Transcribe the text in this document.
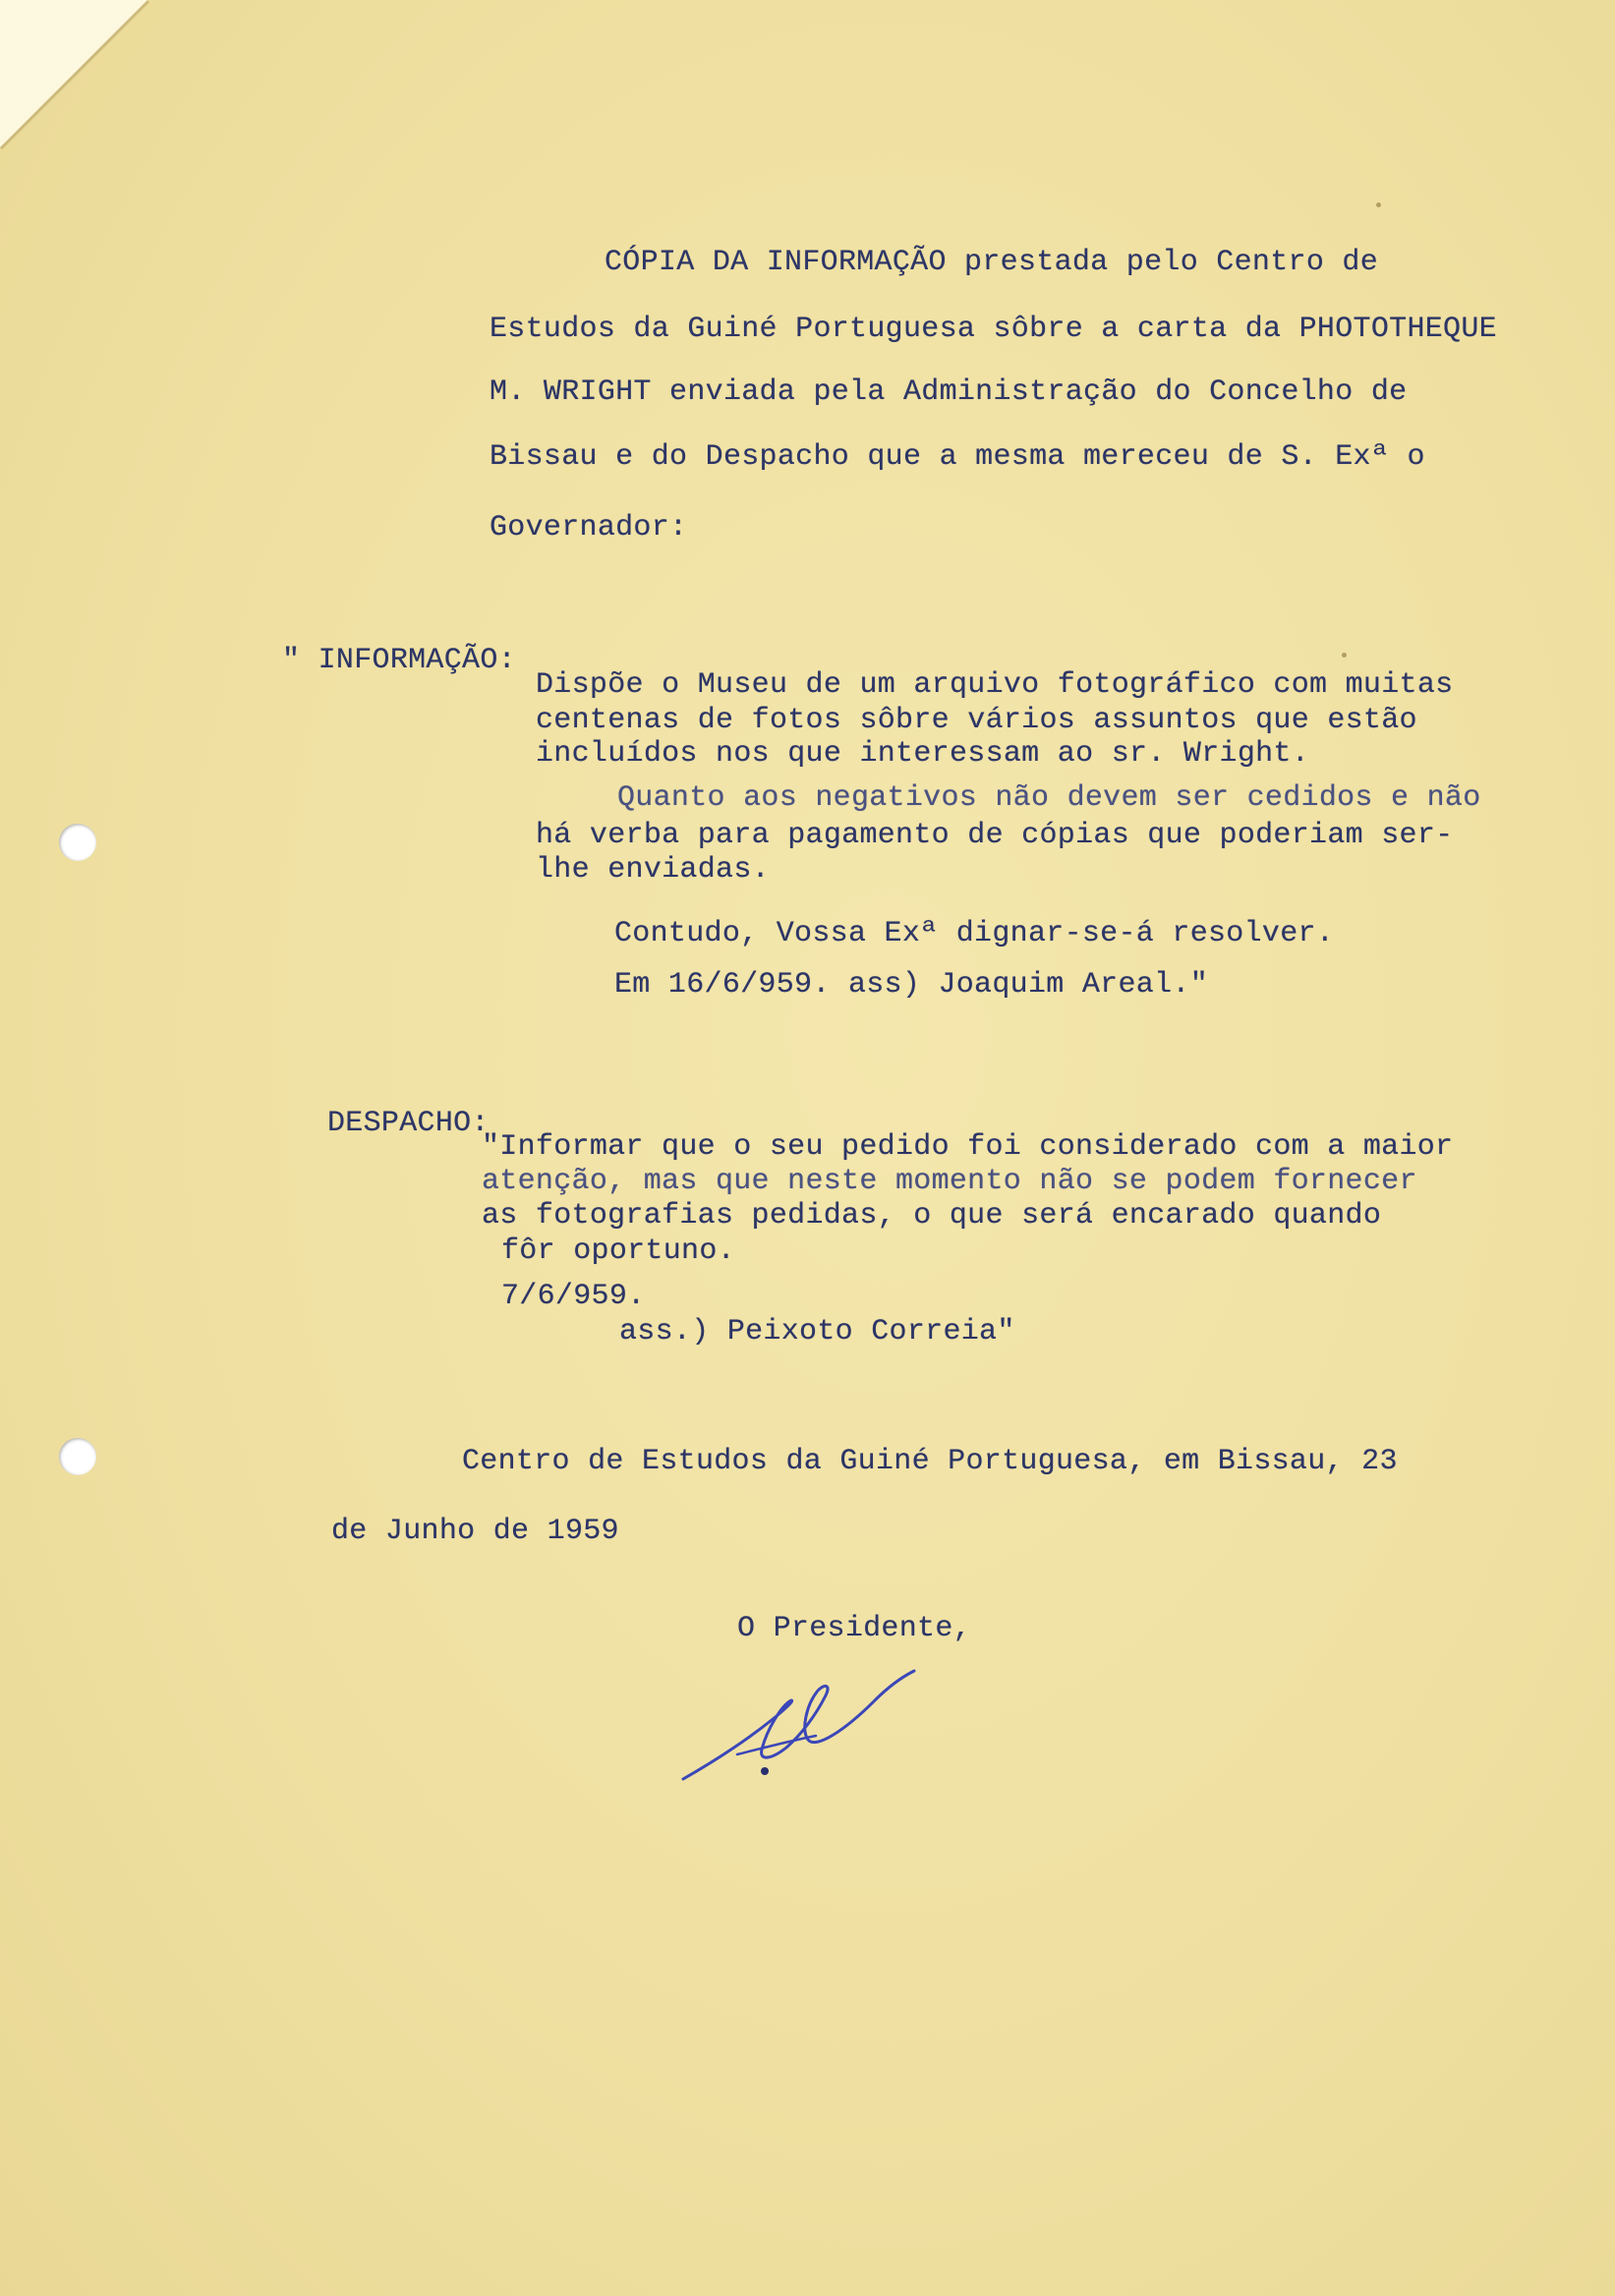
CÓPIA DA INFORMAÇÃO prestada pelo Centro de
Estudos da Guiné Portuguesa sôbre a carta da PHOTOTHEQUE
M. WRIGHT enviada pela Administração do Concelho de
Bissau e do Despacho que a mesma mereceu de S. Exª o
Governador:
" INFORMAÇÃO:
Dispõe o Museu de um arquivo fotográfico com muitas
centenas de fotos sôbre vários assuntos que estão
incluídos nos que interessam ao sr. Wright.
Quanto aos negativos não devem ser cedidos e não
há verba para pagamento de cópias que poderiam ser-
lhe enviadas.
Contudo, Vossa Exª dignar-se-á resolver.
Em 16/6/959. ass) Joaquim Areal."
DESPACHO:
"Informar que o seu pedido foi considerado com a maior
atenção, mas que neste momento não se podem fornecer
as fotografias pedidas, o que será encarado quando
fôr oportuno.
7/6/959.
ass.) Peixoto Correia"
Centro de Estudos da Guiné Portuguesa, em Bissau, 23
de Junho de 1959
O Presidente,
